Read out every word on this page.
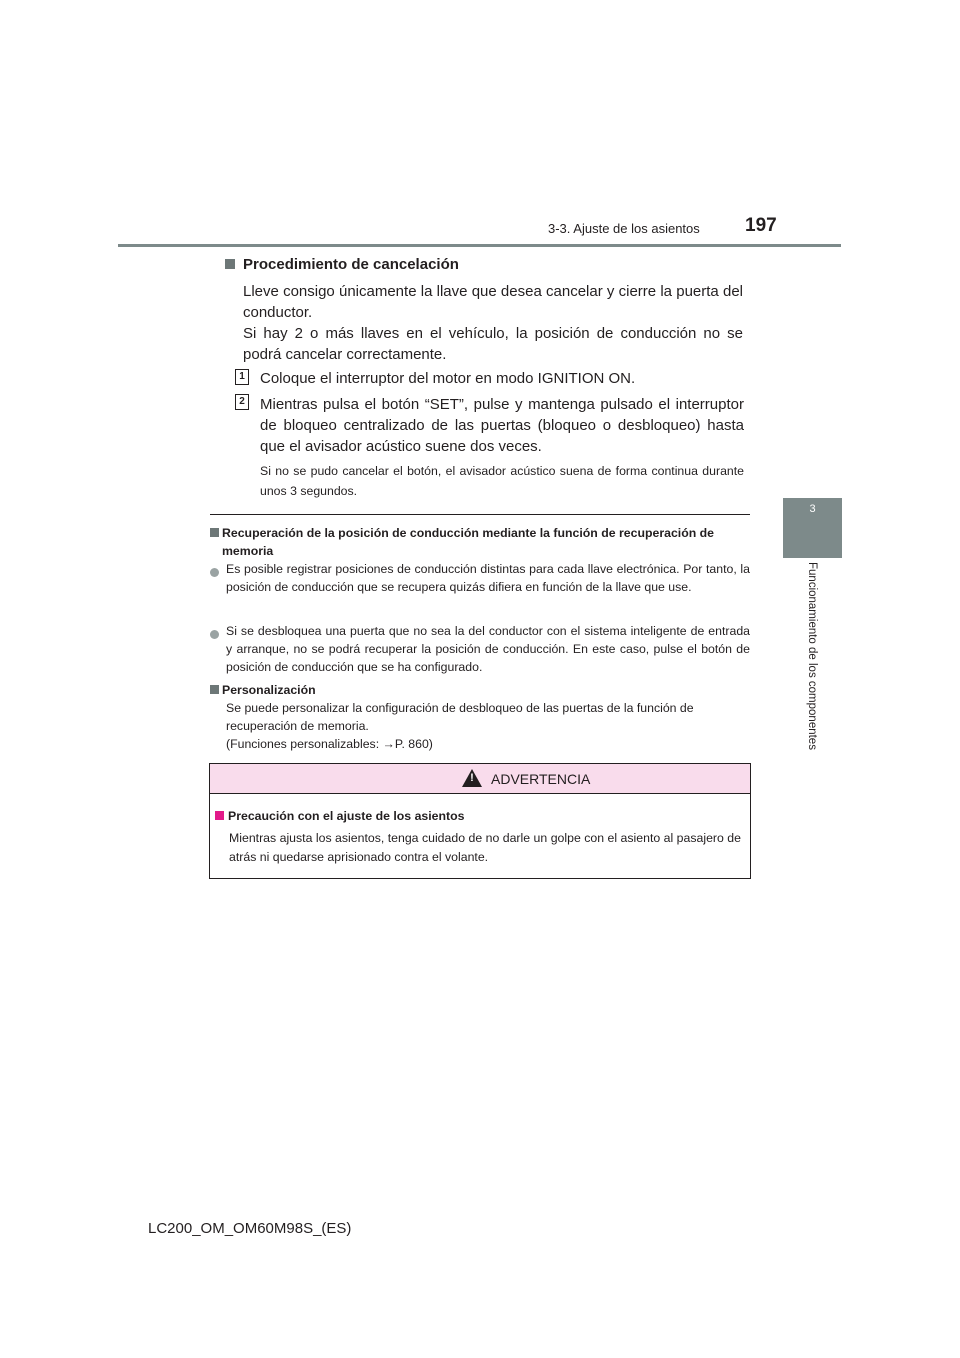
3-3. Ajuste de los asientos 197
3
Funcionamiento de los componentes
Procedimiento de cancelación
Lleve consigo únicamente la llave que desea cancelar y cierre la puerta del conductor.
Si hay 2 o más llaves en el vehículo, la posición de conducción no se podrá cancelar correctamente.
1 Coloque el interruptor del motor en modo IGNITION ON.
2 Mientras pulsa el botón “SET”, pulse y mantenga pulsado el interruptor de bloqueo centralizado de las puertas (bloqueo o desbloqueo) hasta que el avisador acústico suene dos veces.
Si no se pudo cancelar el botón, el avisador acústico suena de forma continua durante unos 3 segundos.
Recuperación de la posición de conducción mediante la función de recuperación de memoria
Es posible registrar posiciones de conducción distintas para cada llave electrónica. Por tanto, la posición de conducción que se recupera quizás difiera en función de la llave que use.
Si se desbloquea una puerta que no sea la del conductor con el sistema inteligente de entrada y arranque, no se podrá recuperar la posición de conducción. En este caso, pulse el botón de posición de conducción que se ha configurado.
Personalización
Se puede personalizar la configuración de desbloqueo de las puertas de la función de
recuperación de memoria.
(Funciones personalizables: →P. 860)
!	ADVERTENCIA
Precaución con el ajuste de los asientos
Mientras ajusta los asientos, tenga cuidado de no darle un golpe con el asiento al pasajero de atrás ni quedarse aprisionado contra el volante.
LC200_OM_OM60M98S_(ES)
